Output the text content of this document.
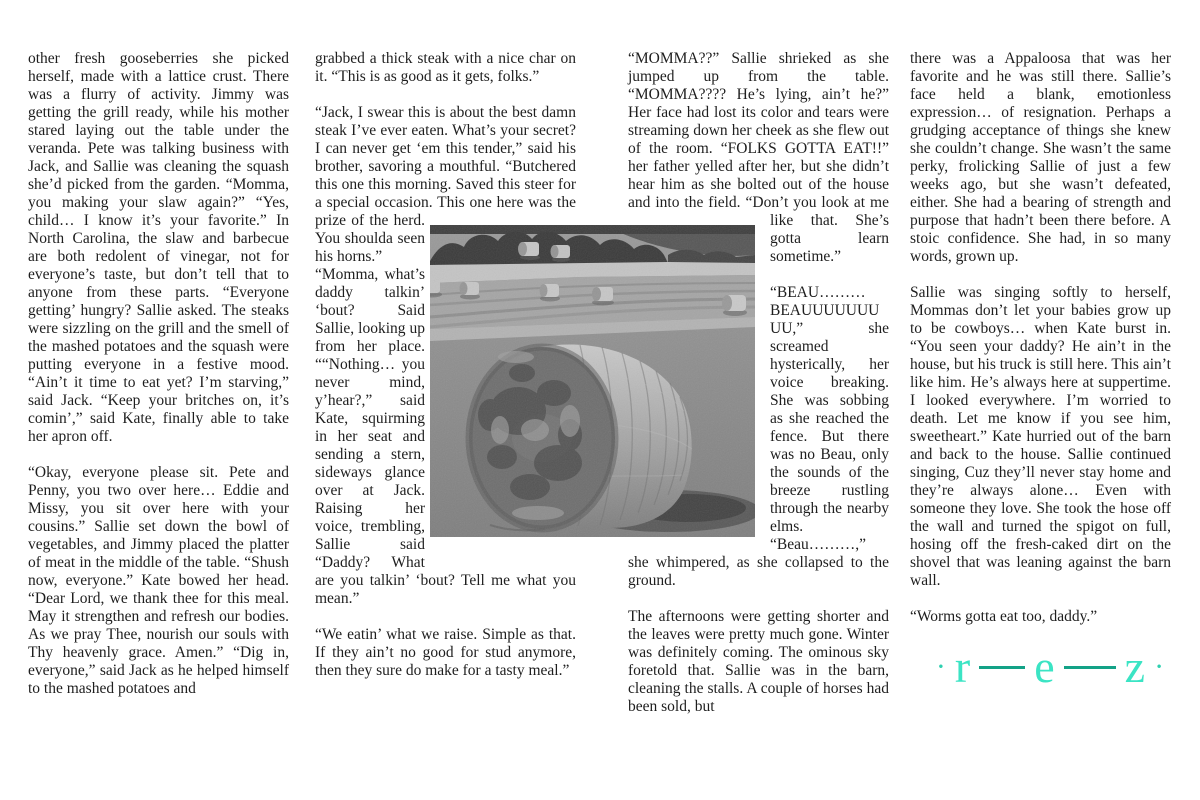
other fresh gooseberries she picked herself, made with a lattice crust. There was a flurry of activity. Jimmy was getting the grill ready, while his mother stared laying out the table under the veranda. Pete was talking business with Jack, and Sallie was cleaning the squash she’d picked from the garden. “Momma, you making your slaw again?” “Yes, child… I know it’s your favorite.” In North Carolina, the slaw and barbecue are both redolent of vinegar, not for everyone’s taste, but don’t tell that to anyone from these parts. “Everyone getting’ hungry? Sallie asked. The steaks were sizzling on the grill and the smell of the mashed potatoes and the squash were putting everyone in a festive mood. “Ain’t it time to eat yet? I’m starving,” said Jack. “Keep your britches on, it’s comin’,” said Kate, finally able to take her apron off.

“Okay, everyone please sit. Pete and Penny, you two over here… Eddie and Missy, you sit over here with your cousins.” Sallie set down the bowl of vegetables, and Jimmy placed the platter of meat in the middle of the table. “Shush now, everyone.” Kate bowed her head. “Dear Lord, we thank thee for this meal. May it strengthen and refresh our bodies. As we pray Thee, nourish our souls with Thy heavenly grace. Amen.” “Dig in, everyone,” said Jack as he helped himself to the mashed potatoes and

grabbed a thick steak with a nice char on it. “This is as good as it gets, folks.”

“Jack, I swear this is about the best damn steak I’ve ever eaten. What’s your secret? I can never get ‘em this tender,” said his brother, savoring a mouthful. “Butchered this one this morning. Saved this steer for a special occasion. This one here was the prize of the herd. You shoulda seen his horns.”

“Momma, what’s daddy talkin’ ‘bout? Said Sallie, looking up from her place. ““Nothing… you never mind, y’hear?,” said Kate, squirming in her seat and sending a stern, sideways glance over at Jack. Raising her voice, trembling, Sallie said “Daddy? What are you talkin’ ‘bout? Tell me what you mean.”

“We eatin’ what we raise. Simple as that. If they ain’t no good for stud anymore, then they sure do make for a tasty meal.”

“MOMMA??” Sallie shrieked as she jumped up from the table. “MOMMA???? He’s lying, ain’t he?” Her face had lost its color and tears were streaming down her cheek as she flew out of the room. “FOLKS GOTTA EAT!!” her father yelled after her, but she didn’t hear him as she bolted out of the house and into the field. “Don’t you look at me like that. She’s gotta learn sometime.”

“BEAU………BEAUUUUUUUUU,” she screamed hysterically, her voice breaking. She was sobbing as she reached the fence. But there was no Beau, only the sounds of the breeze rustling through the nearby elms. “Beau………,” she whimpered, as she collapsed to the ground.

The afternoons were getting shorter and the leaves were pretty much gone. Winter was definitely coming. The ominous sky foretold that. Sallie was in the barn, cleaning the stalls. A couple of horses had been sold, but

there was a Appaloosa that was her favorite and he was still there. Sallie’s face held a blank, emotionless expression… of resignation. Perhaps a grudging acceptance of things she knew she couldn’t change. She wasn’t the same perky, frolicking Sallie of just a few weeks ago, but she wasn’t defeated, either. She had a bearing of strength and purpose that hadn’t been there before. A stoic confidence. She had, in so many words, grown up.

Sallie was singing softly to herself, Mommas don’t let your babies grow up to be cowboys… when Kate burst in. “You seen your daddy? He ain’t in the house, but his truck is still here. This ain’t like him. He’s always here at suppertime. I looked everywhere. I’m worried to death. Let me know if you see him, sweetheart.” Kate hurried out of the barn and back to the house. Sallie continued singing, Cuz they’ll never stay home and they’re always alone… Even with someone they love. She took the hose off the wall and turned the spigot on full, hosing off the fresh-caked dirt on the shovel that was leaning against the barn wall.

“Worms gotta eat too, daddy.”

· r e z ·
